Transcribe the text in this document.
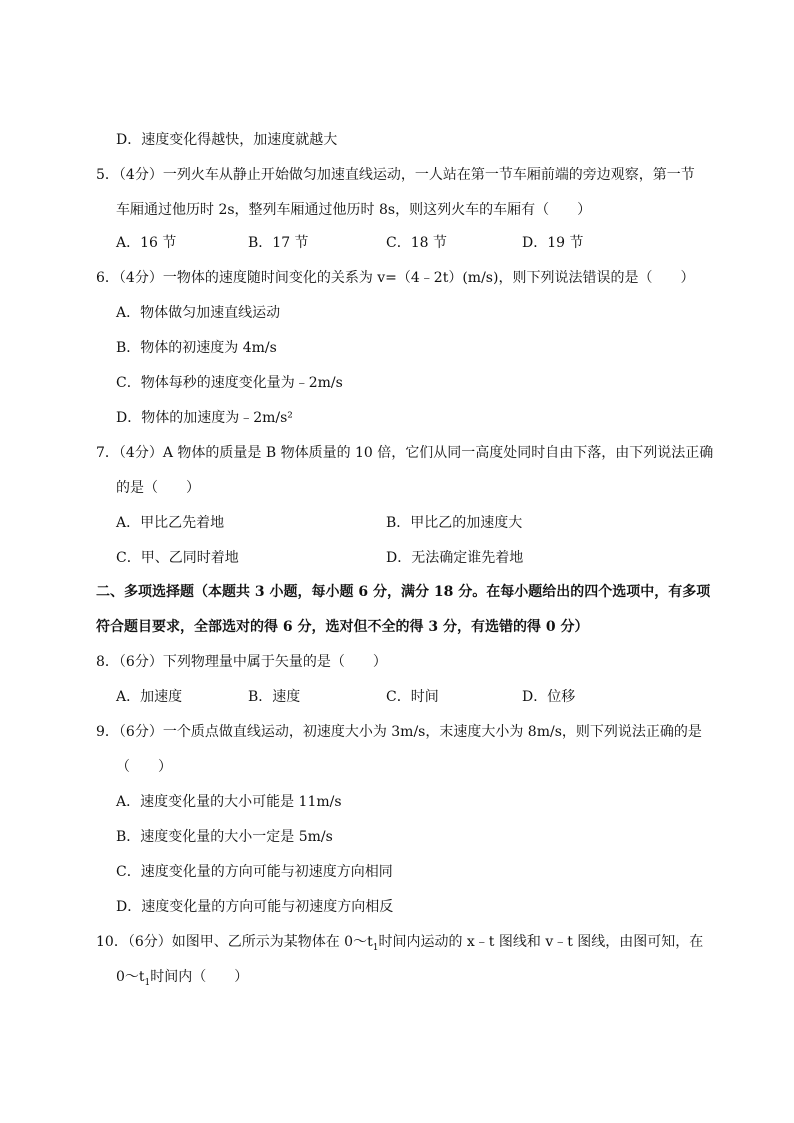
D．速度变化得越快，加速度就越大
5．（4分）一列火车从静止开始做匀加速直线运动，一人站在第一节车厢前端的旁边观察，第一节
车厢通过他历时 2s，整列车厢通过他历时 8s，则这列火车的车厢有（　　）
A．16 节	B．17 节	C．18 节	D．19 节
6．（4分）一物体的速度随时间变化的关系为 v=（4﹣2t）(m/s)，则下列说法错误的是（　　）
A．物体做匀加速直线运动
B．物体的初速度为 4m/s
C．物体每秒的速度变化量为﹣2m/s
D．物体的加速度为﹣2m/s²
7．（4分）A 物体的质量是 B 物体质量的 10 倍，它们从同一高度处同时自由下落，由下列说法正确
的是（　　）
A．甲比乙先着地	B．甲比乙的加速度大
C．甲、乙同时着地	D．无法确定谁先着地
二、多项选择题（本题共 3 小题，每小题 6 分，满分 18 分。在每小题给出的四个选项中，有多项
符合题目要求，全部选对的得 6 分，选对但不全的得 3 分，有选错的得 0 分）
8．（6分）下列物理量中属于矢量的是（　　）
A．加速度	B．速度	C．时间	D．位移
9．（6分）一个质点做直线运动，初速度大小为 3m/s，末速度大小为 8m/s，则下列说法正确的是
（　　）
A．速度变化量的大小可能是 11m/s
B．速度变化量的大小一定是 5m/s
C．速度变化量的方向可能与初速度方向相同
D．速度变化量的方向可能与初速度方向相反
10．（6分）如图甲、乙所示为某物体在 $0\sim t_1$时间内运动的 x﹣t 图线和 v﹣t 图线，由图可知，在
$0\sim t_1$时间内（　　）
